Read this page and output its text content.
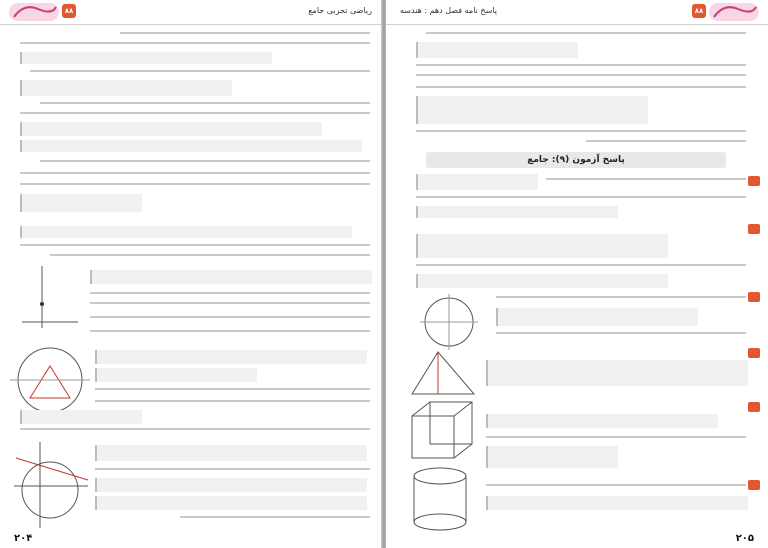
۸۸	ریاضی تجربی جامع
۲۰۴
پاسخ نامه فصل دهم : هندسه	۸۸
پاسخ آزمون (۹): جامع
۲۰۵
